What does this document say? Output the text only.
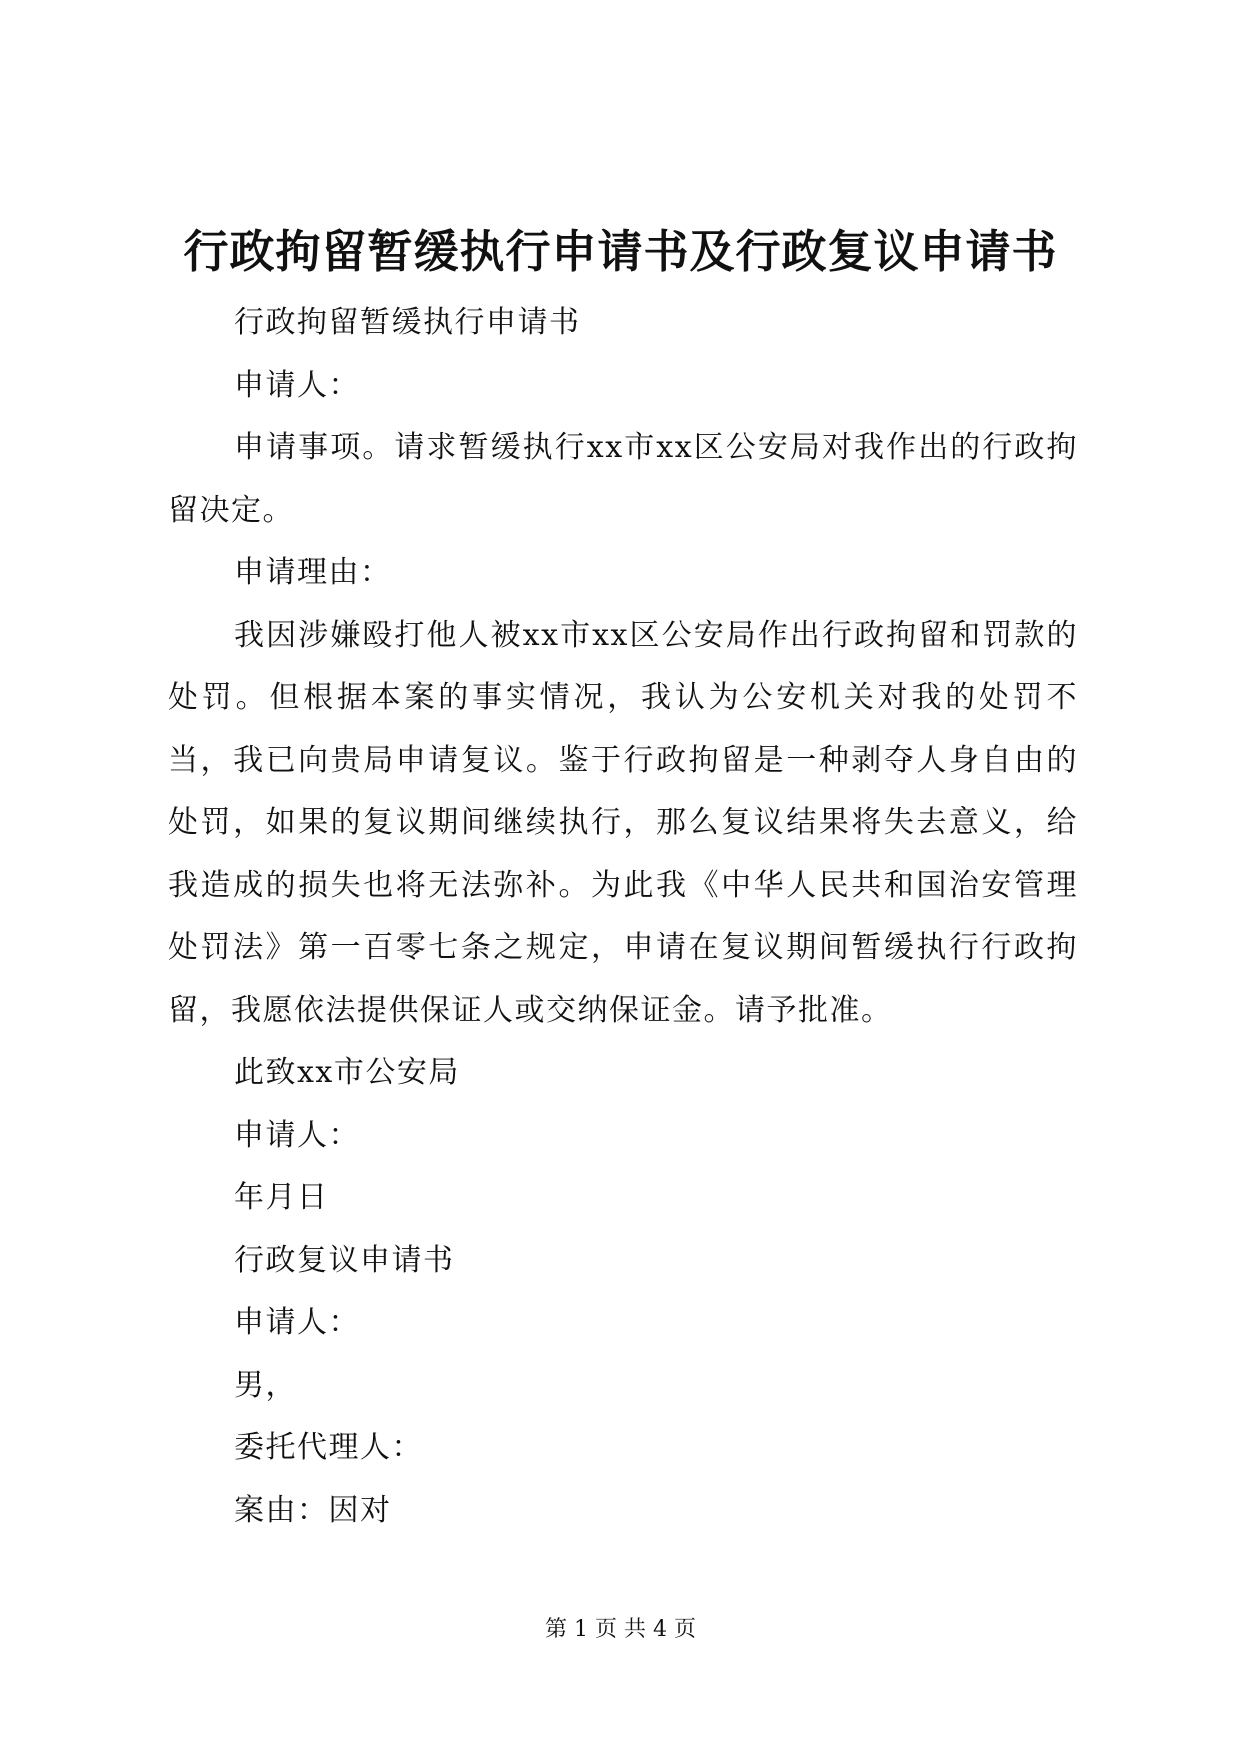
行政拘留暂缓执行申请书及行政复议申请书

行政拘留暂缓执行申请书

申请人：

申请事项。请求暂缓执行xx市xx区公安局对我作出的行政拘留决定。

申请理由：

我因涉嫌殴打他人被xx市xx区公安局作出行政拘留和罚款的处罚。但根据本案的事实情况，我认为公安机关对我的处罚不当，我已向贵局申请复议。鉴于行政拘留是一种剥夺人身自由的处罚，如果的复议期间继续执行，那么复议结果将失去意义，给我造成的损失也将无法弥补。为此我《中华人民共和国治安管理处罚法》第一百零七条之规定，申请在复议期间暂缓执行行政拘留，我愿依法提供保证人或交纳保证金。请予批准。

此致xx市公安局

申请人：

年月日

行政复议申请书

申请人：

男，

委托代理人：

案由：因对

第 1 页 共 4 页
